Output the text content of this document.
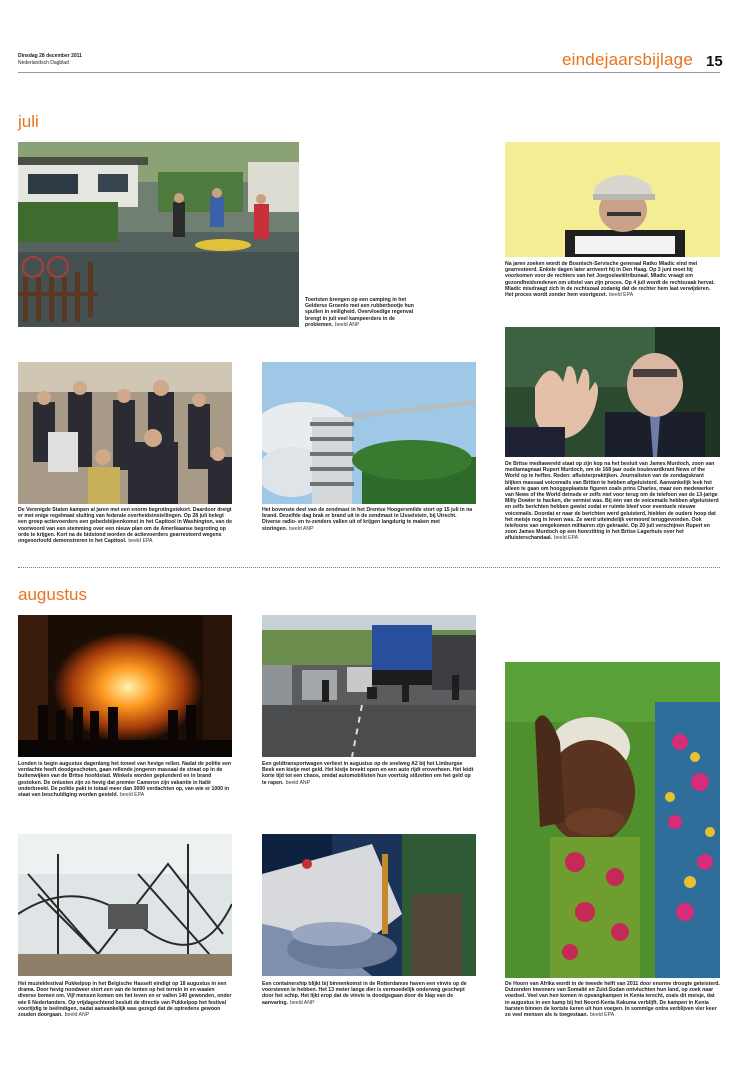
Dinsdag 28 december 2011
Nederlandsch Dagblad	eindejaarsbijlage 15
juli
Toeristen brengen op een camping in het Gelderse Groenlo met een rubberbootje hun spullen in veiligheid. Overvloedige regenval brengt in juli veel kampeerders in de problemen. beeld ANP
Na jaren zoeken wordt de Bosnisch-Servische generaal Ratko Mladic eind mei gearresteerd. Enkele dagen later arriveert hij in Den Haag. Op 3 juni moet hij voorkomen voor de rechters van het Joegoslaviëtribunaal. Mladic vraagt om gezondheidsredenen om uitstel van zijn proces. Op 4 juli wordt de rechtszaak hervat. Mladic misdraagt zich in de rechtszaal zodanig dat de rechter hem laat verwijderen. Het proces wordt zonder hem voortgezet. beeld EPA
De Verenigde Staten kampen al jaren met een enorm begrotingstekort. Daardoor dreigt er met enige regelmaat sluiting van federale overheidsinstellingen. Op 28 juli belegt een groep actievoerders een gebedsbijeenkomst in het Capitool in Washington, van de voorwoord van een stemming over een nieuw plan om de Amerikaanse begroting op orde te krijgen. Kort na de bidstond worden de actievoerders gearresteerd wegens ongeoorloofd demonstreren in het Capitool. beeld EPA
Het bovenste deel van de zendmast in het Drentse Hoogersmilde stort op 15 juli in na brand. Dezelfde dag brak er brand uit in de zendmast in IJsselstein, bij Utrecht. Diverse radio- en tv-zenders vallen uit of krijgen langdurig te maken met storingen. beeld ANP
De Britse mediawereld staat op zijn kop na het besluit van James Murdoch, zoon van mediamagnaat Rupert Murdoch, om de 168 jaar oude boulevardkrant News of the World op te heffen. Reden: afluisterpraktijken. Journalisten van de zondagskrant blijken massaal voicemails van Britten te hebben afgeluisterd. Aanvankelijk leek het alleen te gaan om hooggeplaatste figuren zoals prins Charles, maar een medewerker van News of the World deinsde er zelfs niet voor terug om de telefoon van de 13-jarige Milly Dowler te hacken, die vermist was. Bij één van de voicemails hebben afgeluisterd en zelfs berichten hebben gewist zodat er ruimte bleef voor eventuele nieuwe voicemails. Doordat er naar de berichten werd geluisterd, hielden de ouders hoop dat het meisje nog in leven was. Ze werd uiteindelijk vermoord teruggevonden. Ook telefoons van omgekomen militairen zijn gekraakt. Op 20 juli verschijnen Rupert en zoon James Murdoch op een hoorzitting in het Britse Lagerhuis over het afluisterschandaal. beeld EPA
augustus
Londen is begin augustus dagenlang het toneel van hevige rellen. Nadat de politie een verdachte heeft doodgeschoten, gaan rellende jongeren massaal de straat op in de buitenwijken van de Britse hoofdstad. Winkels worden geplunderd en in brand gestoken. De onlusten zijn zo hevig dat premier Cameron zijn vakantie in Italië onderbreekt. De politie pakt in totaal meer dan 3000 verdachten op, van wie er 1000 in staat van beschuldiging worden gesteld. beeld EPA
Een geldtransportwagen verliest in augustus op de snelweg A2 bij het Limburgse Beek een kistje met geld. Het kistje breekt open en een auto rijdt eroverheen. Het leidt korte tijd tot een chaos, omdat automobilisten hun voertuig stilzetten om het geld op te rapen. beeld ANP
De Hoorn van Afrika wordt in de tweede helft van 2011 door enorme droogte geteisterd. Duizenden inwoners van Somalië en Zuid-Sudan ontvluchten hun land, op zoek naar voedsel. Veel van hen komen in opvangkampen in Kenia terecht, zoals dit meisje, dat in augustus in een kamp bij het Noord-Kenia Kakuma verblijft. De kampen in Kenia barsten binnen de kortste keren uit hun voegen. In sommige ontra verblijven vier keer zo veel mensen als is toegestaan. beeld EPA
Het muziekfestival Pukkelpop in het Belgische Hasselt eindigt op 18 augustus in een drama. Door hevig noodweer stort een van de tenten op het terrein in en waaien diverse bomen om. Vijf mensen komen om het leven en er vallen 140 gewonden, onder wie 6 Nederlanders. Op vrijdagochtend besluit de directie van Pukkelpop het festival voortijdig te beëindigen, nadat aanvankelijk was gezegd dat de optredens gewoon zouden doorgaan. beeld ANP
Een containership blijkt bij binnenkomst in de Rotterdamse haven een vinvis op de voorsteven te hebben. Het 13 meter lange dier is vermoedelijk onderweg geschept door het schip. Het lijkt erop dat de vinvis is doodgegaan door de klap van de aanvaring. beeld ANP
